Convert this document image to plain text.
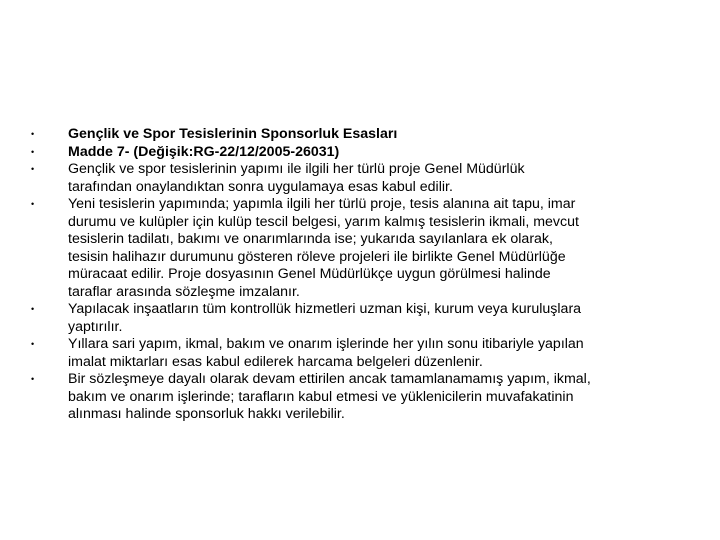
•	Gençlik ve Spor Tesislerinin Sponsorluk Esasları
•	Madde 7- (Değişik:RG-22/12/2005-26031)
•	Gençlik ve spor tesislerinin yapımı ile ilgili her türlü proje Genel Müdürlük
tarafından onaylandıktan sonra uygulamaya esas kabul edilir.
•	Yeni tesislerin yapımında; yapımla ilgili her türlü proje, tesis alanına ait tapu, imar
durumu ve kulüpler için kulüp tescil belgesi, yarım kalmış tesislerin ikmali, mevcut
tesislerin tadilatı, bakımı ve onarımlarında ise; yukarıda sayılanlara ek olarak,
tesisin halihazır durumunu gösteren röleve projeleri ile birlikte Genel Müdürlüğe
müracaat edilir. Proje dosyasının Genel Müdürlükçe uygun görülmesi halinde
taraflar arasında sözleşme imzalanır.
•	Yapılacak inşaatların tüm kontrollük hizmetleri uzman kişi, kurum veya kuruluşlara
yaptırılır.
•	Yıllara sari yapım, ikmal, bakım ve onarım işlerinde her yılın sonu itibariyle yapılan
imalat miktarları esas kabul edilerek harcama belgeleri düzenlenir.
•	Bir sözleşmeye dayalı olarak devam ettirilen ancak tamamlanamamış yapım, ikmal,
bakım ve onarım işlerinde; tarafların kabul etmesi ve yüklenicilerin muvafakatinin
alınması halinde sponsorluk hakkı verilebilir.
